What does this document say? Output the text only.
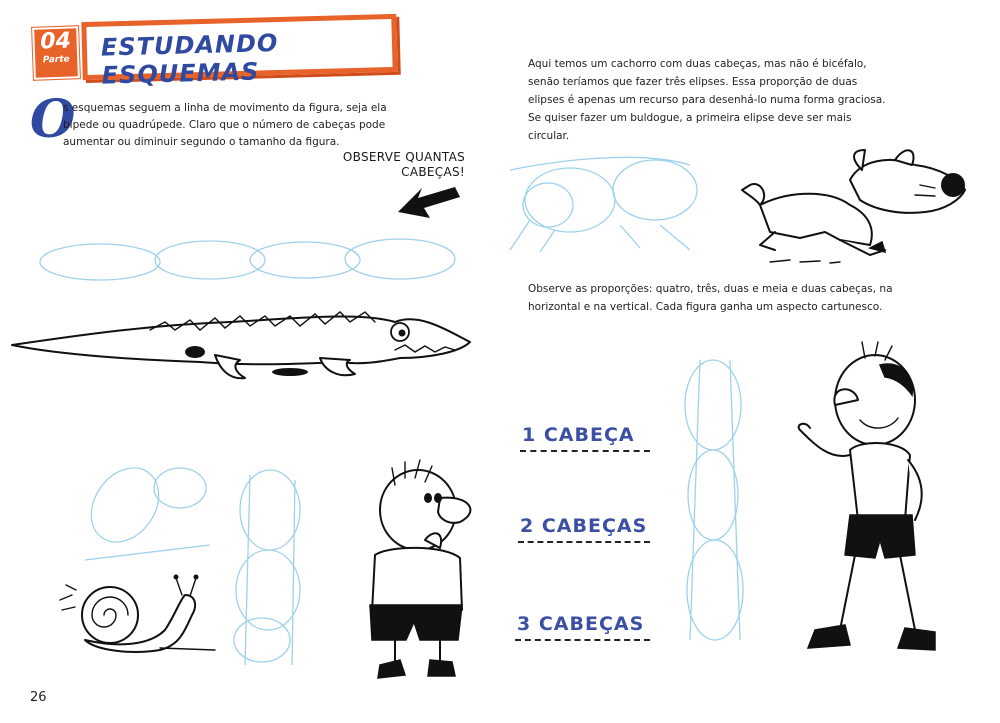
04
Parte	ESTUDANDO ESQUEMAS
O
s esquemas seguem a linha de movimento da figura, seja ela bípede ou quadrúpede. Claro que o número de cabeças pode aumentar ou diminuir segundo o tamanho da figura.
OBSERVE QUANTAS
CABEÇAS!
Aqui temos um cachorro com duas cabeças, mas não é bicéfalo, senão teríamos que fazer três elipses. Essa proporção de duas elipses é apenas um recurso para desenhá-lo numa forma graciosa. Se quiser fazer um buldogue, a primeira elipse deve ser mais circular.
Observe as proporções: quatro, três, duas e meia e duas cabeças, na horizontal e na vertical. Cada figura ganha um aspecto cartunesco.
1 CABEÇA
2 CABEÇAS
3 CABEÇAS
26
